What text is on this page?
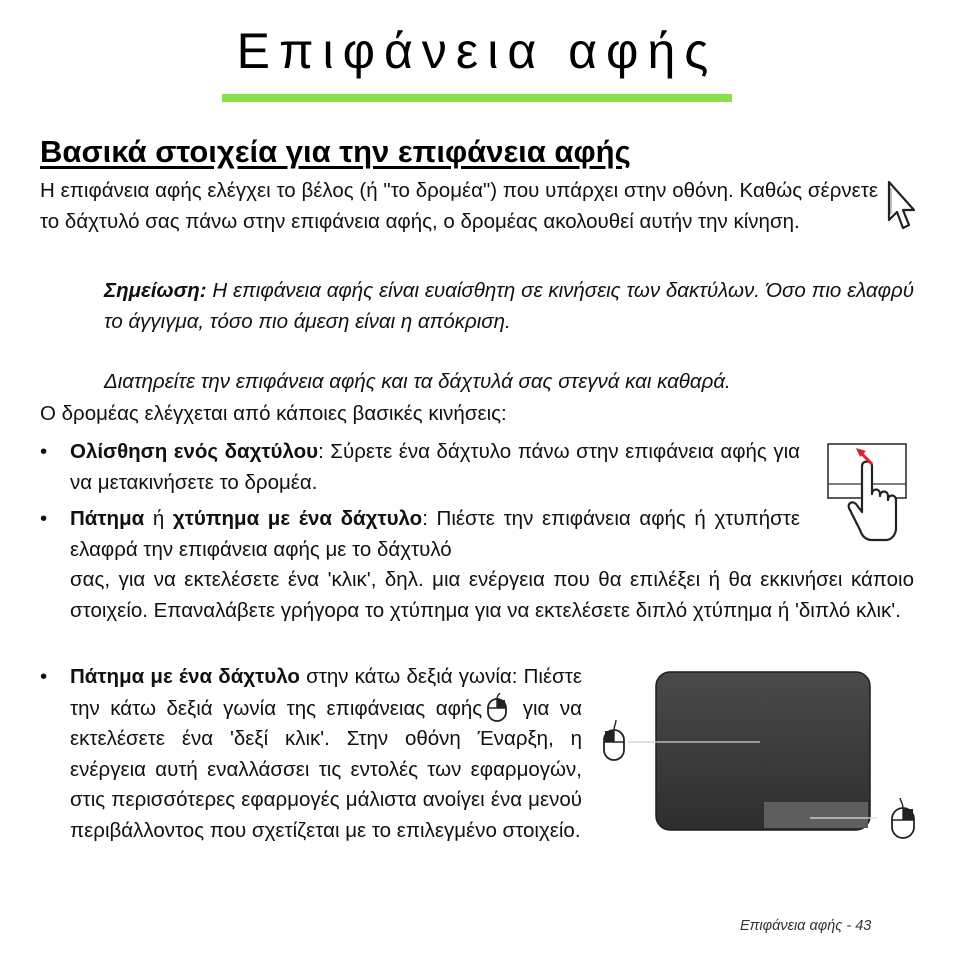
Επιφάνεια αφής
Βασικά στοιχεία για την επιφάνεια αφής
Η επιφάνεια αφής ελέγχει το βέλος (ή "το δρομέα") που υπάρχει στην οθόνη. Καθώς σέρνετε το δάχτυλό σας πάνω στην επιφάνεια αφής, ο δρομέας ακολουθεί αυτήν την κίνηση.
Σημείωση: Η επιφάνεια αφής είναι ευαίσθητη σε κινήσεις των δακτύλων. Όσο πιο ελαφρύ το άγγιγμα, τόσο πιο άμεση είναι η απόκριση.
Διατηρείτε την επιφάνεια αφής και τα δάχτυλά σας στεγνά και καθαρά.
Ο δρομέας ελέγχεται από κάποιες βασικές κινήσεις:
• Ολίσθηση ενός δαχτύλου: Σύρετε ένα δάχτυλο πάνω στην επιφάνεια αφής για να μετακινήσετε το δρομέα.
• Πάτημα ή χτύπημα με ένα δάχτυλο: Πιέστε την επιφάνεια αφής ή χτυπήστε ελαφρά την επιφάνεια αφής με το δάχτυλό
σας, για να εκτελέσετε ένα 'κλικ', δηλ. μια ενέργεια που θα επιλέξει ή θα εκκινήσει κάποιο στοιχείο. Επαναλάβετε γρήγορα το χτύπημα για να εκτελέσετε διπλό χτύπημα ή 'διπλό κλικ'.
• Πάτημα με ένα δάχτυλο στην κάτω δεξιά γωνία: Πιέστε την κάτω δεξιά γωνία της επιφάνειας αφής για να εκτελέσετε ένα 'δεξί κλικ'. Στην οθόνη Έναρξη, η ενέργεια αυτή εναλλάσσει τις εντολές των εφαρμογών, στις περισσότερες εφαρμογές μάλιστα ανοίγει ένα μενού περιβάλλοντος που σχετίζεται με το επιλεγμένο στοιχείο.
Επιφάνεια αφής - 43
